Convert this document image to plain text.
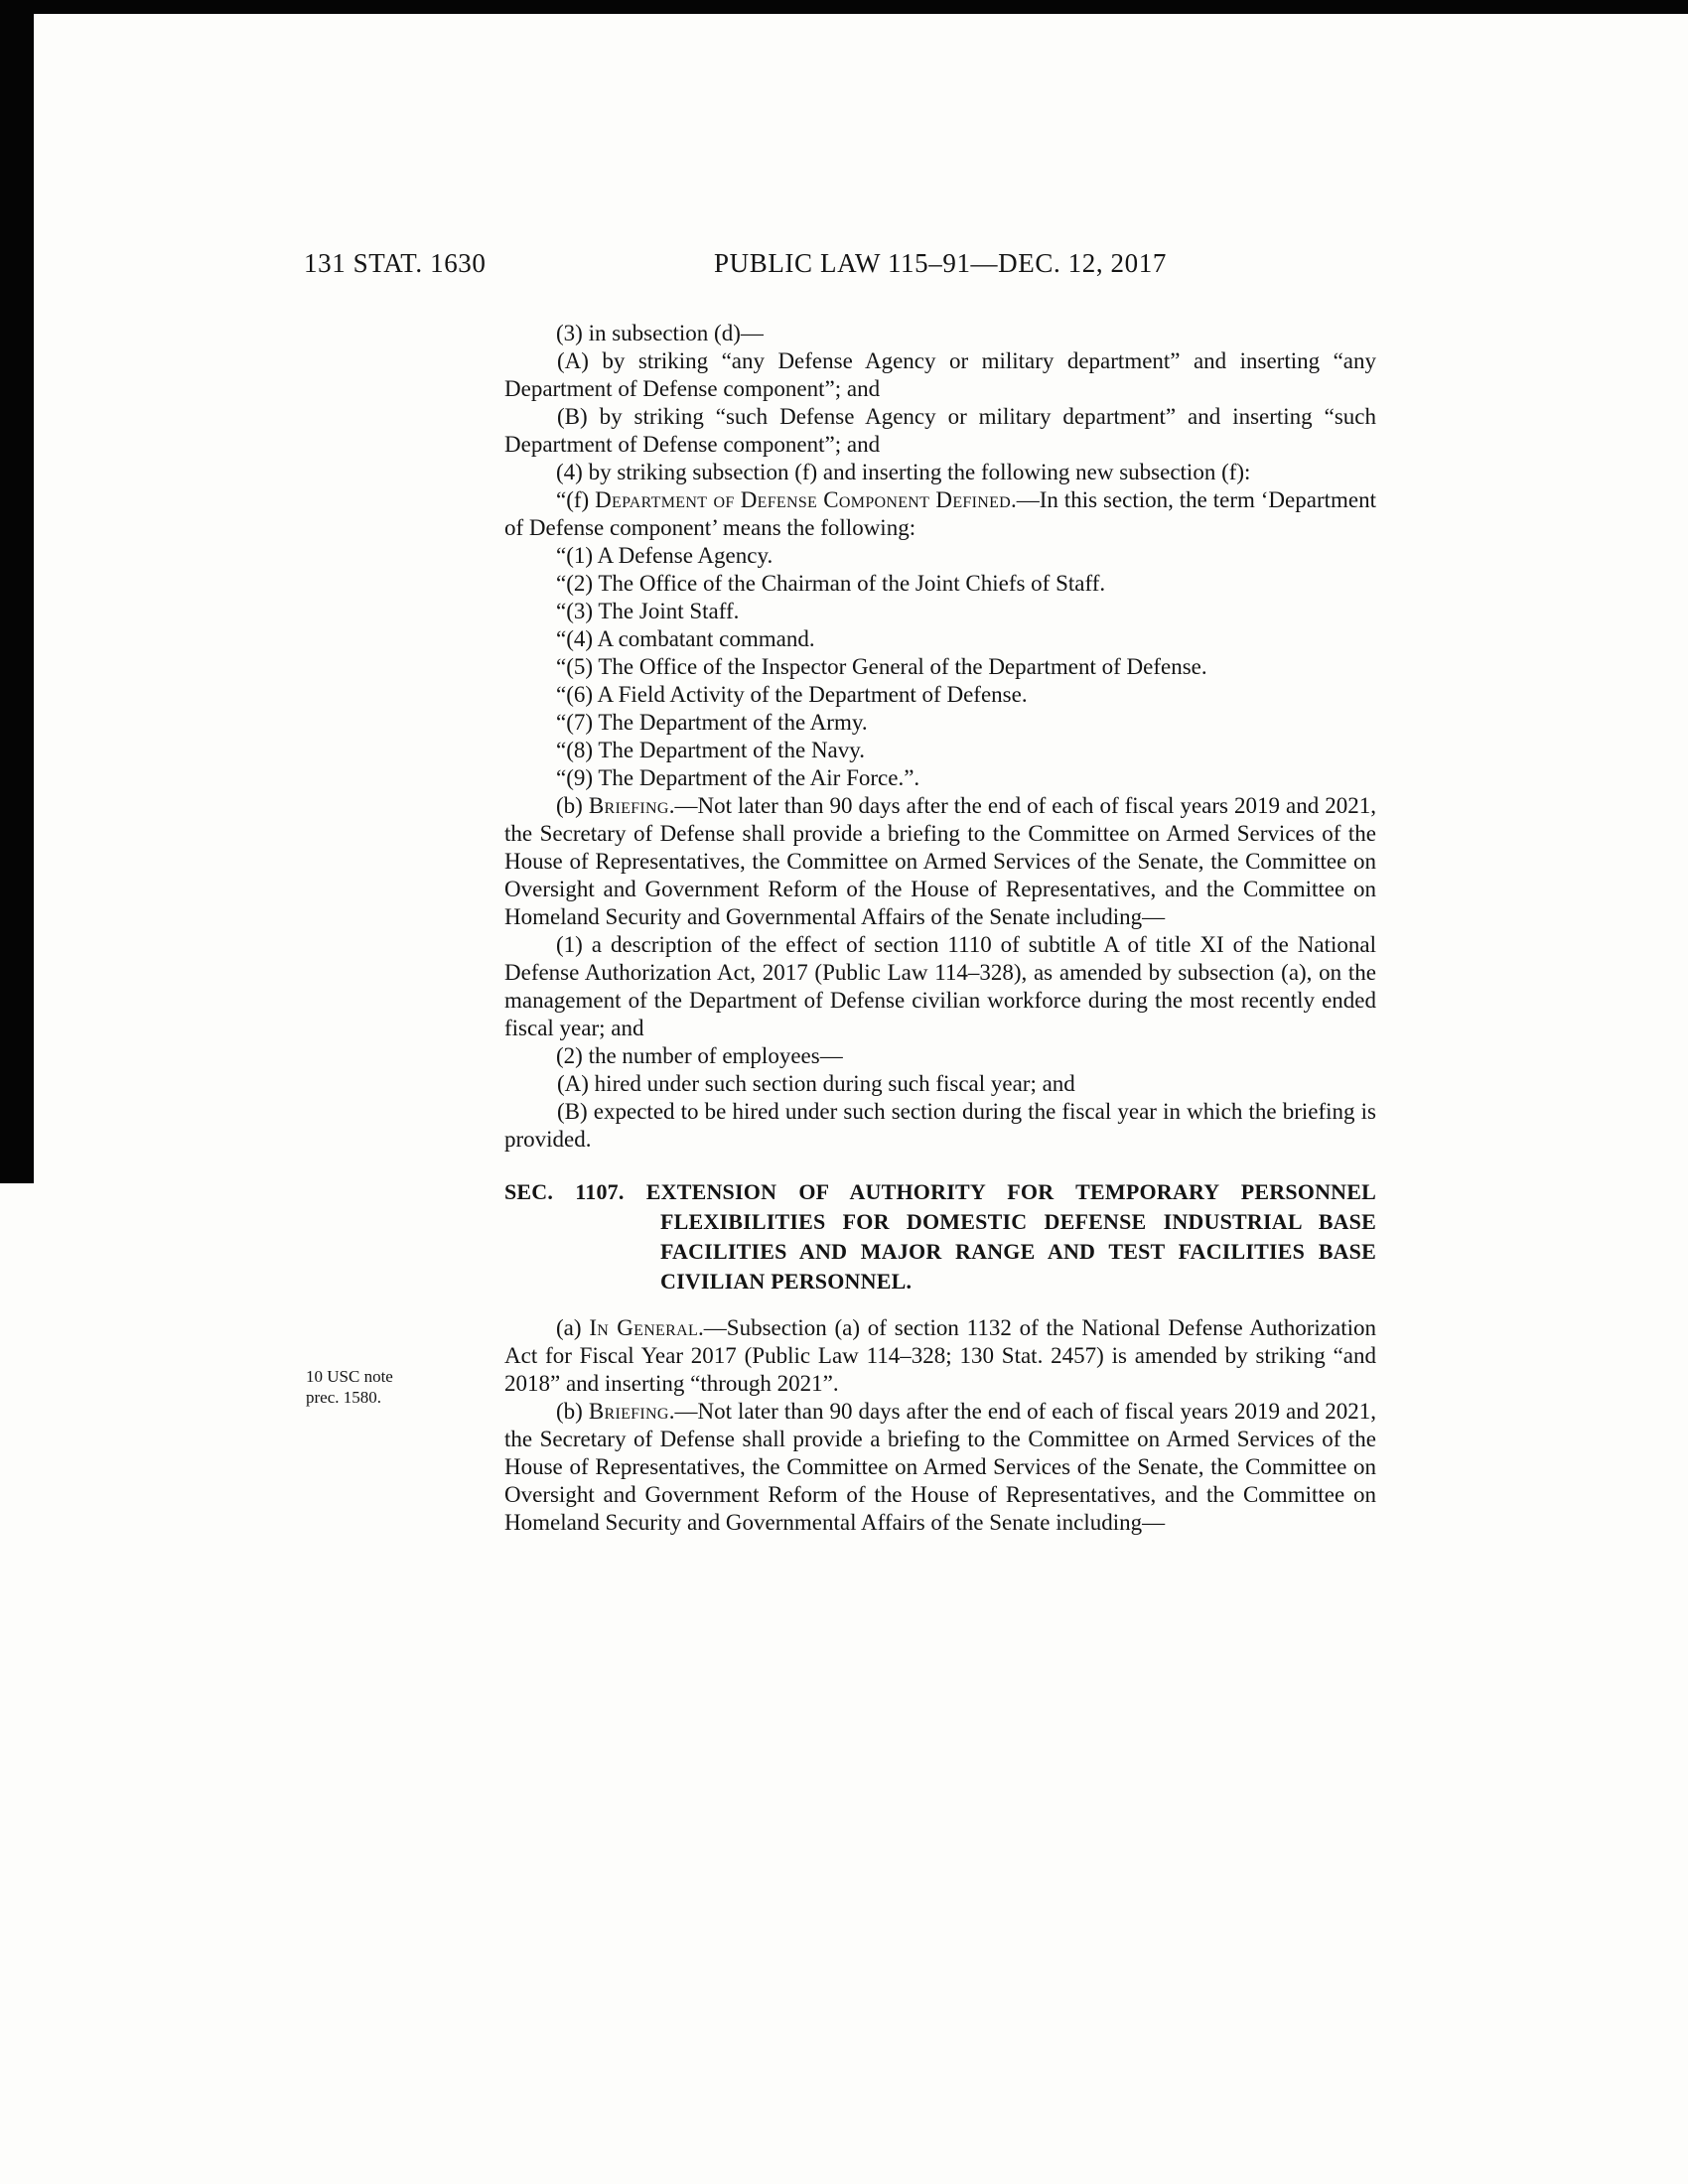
131 STAT. 1630	PUBLIC LAW 115–91—DEC. 12, 2017

(3) in subsection (d)—

(A) by striking “any Defense Agency or military department” and inserting “any Department of Defense component”; and

(B) by striking “such Defense Agency or military department” and inserting “such Department of Defense component”; and

(4) by striking subsection (f) and inserting the following new subsection (f):

“(f) Department of Defense Component Defined.—In this section, the term ‘Department of Defense component’ means the following:

“(1) A Defense Agency.

“(2) The Office of the Chairman of the Joint Chiefs of Staff.

“(3) The Joint Staff.

“(4) A combatant command.

“(5) The Office of the Inspector General of the Department of Defense.

“(6) A Field Activity of the Department of Defense.

“(7) The Department of the Army.

“(8) The Department of the Navy.

“(9) The Department of the Air Force.”.

(b) Briefing.—Not later than 90 days after the end of each of fiscal years 2019 and 2021, the Secretary of Defense shall provide a briefing to the Committee on Armed Services of the House of Representatives, the Committee on Armed Services of the Senate, the Committee on Oversight and Government Reform of the House of Representatives, and the Committee on Homeland Security and Governmental Affairs of the Senate including—

(1) a description of the effect of section 1110 of subtitle A of title XI of the National Defense Authorization Act, 2017 (Public Law 114–328), as amended by subsection (a), on the management of the Department of Defense civilian workforce during the most recently ended fiscal year; and

(2) the number of employees—

(A) hired under such section during such fiscal year; and

(B) expected to be hired under such section during the fiscal year in which the briefing is provided.

SEC. 1107. EXTENSION OF AUTHORITY FOR TEMPORARY PERSONNEL FLEXIBILITIES FOR DOMESTIC DEFENSE INDUSTRIAL BASE FACILITIES AND MAJOR RANGE AND TEST FACILITIES BASE CIVILIAN PERSONNEL.

10 USC note
prec. 1580.

(a) In General.—Subsection (a) of section 1132 of the National Defense Authorization Act for Fiscal Year 2017 (Public Law 114–328; 130 Stat. 2457) is amended by striking “and 2018” and inserting “through 2021”.

(b) Briefing.—Not later than 90 days after the end of each of fiscal years 2019 and 2021, the Secretary of Defense shall provide a briefing to the Committee on Armed Services of the House of Representatives, the Committee on Armed Services of the Senate, the Committee on Oversight and Government Reform of the House of Representatives, and the Committee on Homeland Security and Governmental Affairs of the Senate including—
